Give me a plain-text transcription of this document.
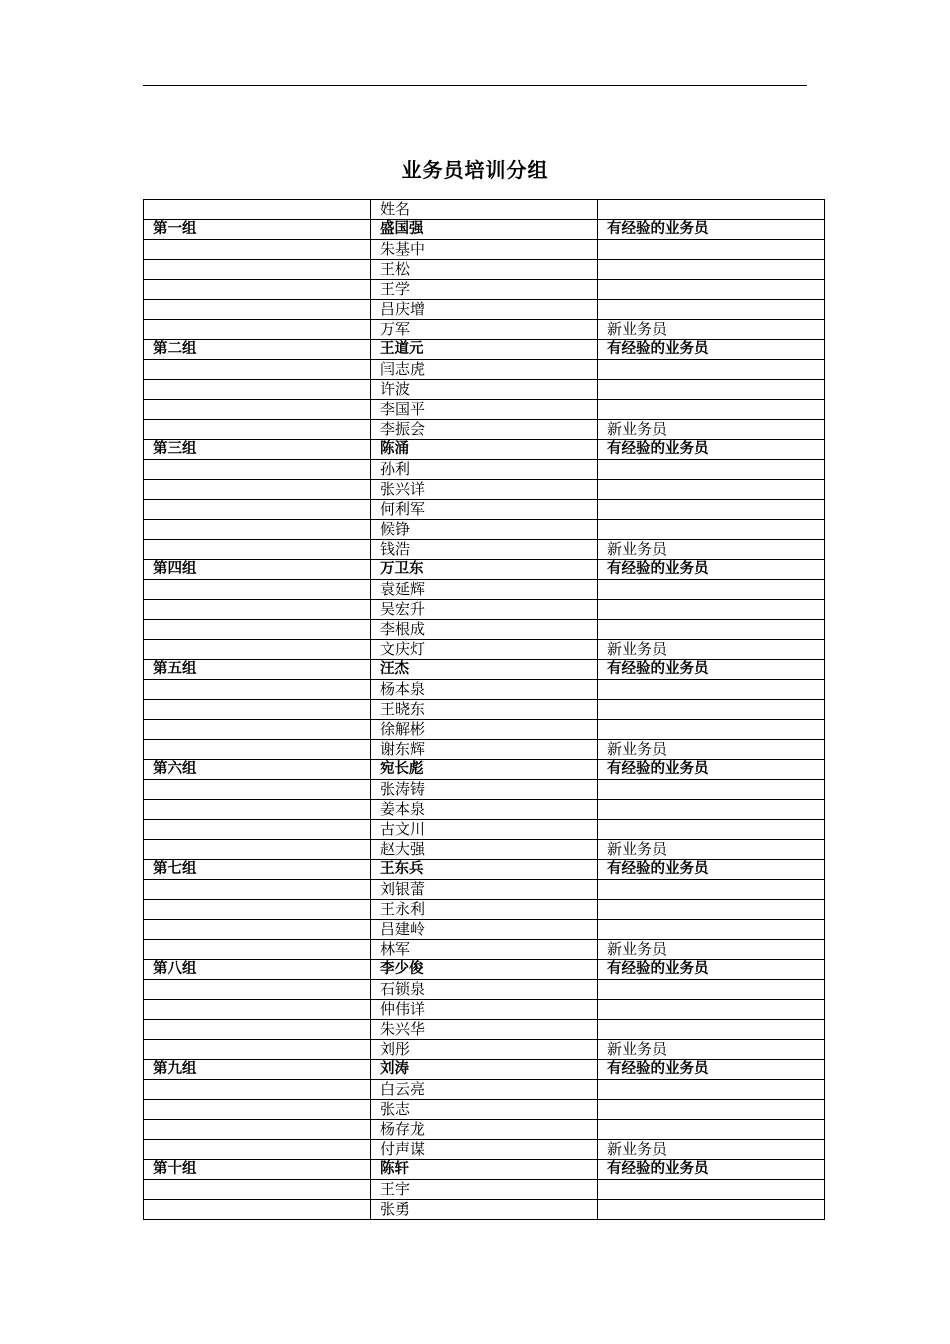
业务员培训分组
	姓名	
第一组	盛国强	有经验的业务员
	朱基中	
	王松	
	王学	
	吕庆增	
	万军	新业务员
第二组	王道元	有经验的业务员
	闫志虎	
	许波	
	李国平	
	李振会	新业务员
第三组	陈涌	有经验的业务员
	孙利	
	张兴详	
	何利军	
	候铮	
	钱浩	新业务员
第四组	万卫东	有经验的业务员
	袁延辉	
	吴宏升	
	李根成	
	文庆灯	新业务员
第五组	汪杰	有经验的业务员
	杨本泉	
	王晓东	
	徐解彬	
	谢东辉	新业务员
第六组	宛长彪	有经验的业务员
	张涛铸	
	姜本泉	
	古文川	
	赵大强	新业务员
第七组	王东兵	有经验的业务员
	刘银蕾	
	王永利	
	吕建岭	
	林军	新业务员
第八组	李少俊	有经验的业务员
	石锁泉	
	仲伟详	
	朱兴华	
	刘彤	新业务员
第九组	刘涛	有经验的业务员
	白云亮	
	张志	
	杨存龙	
	付声谋	新业务员
第十组	陈轩	有经验的业务员
	王宇	
	张勇	
